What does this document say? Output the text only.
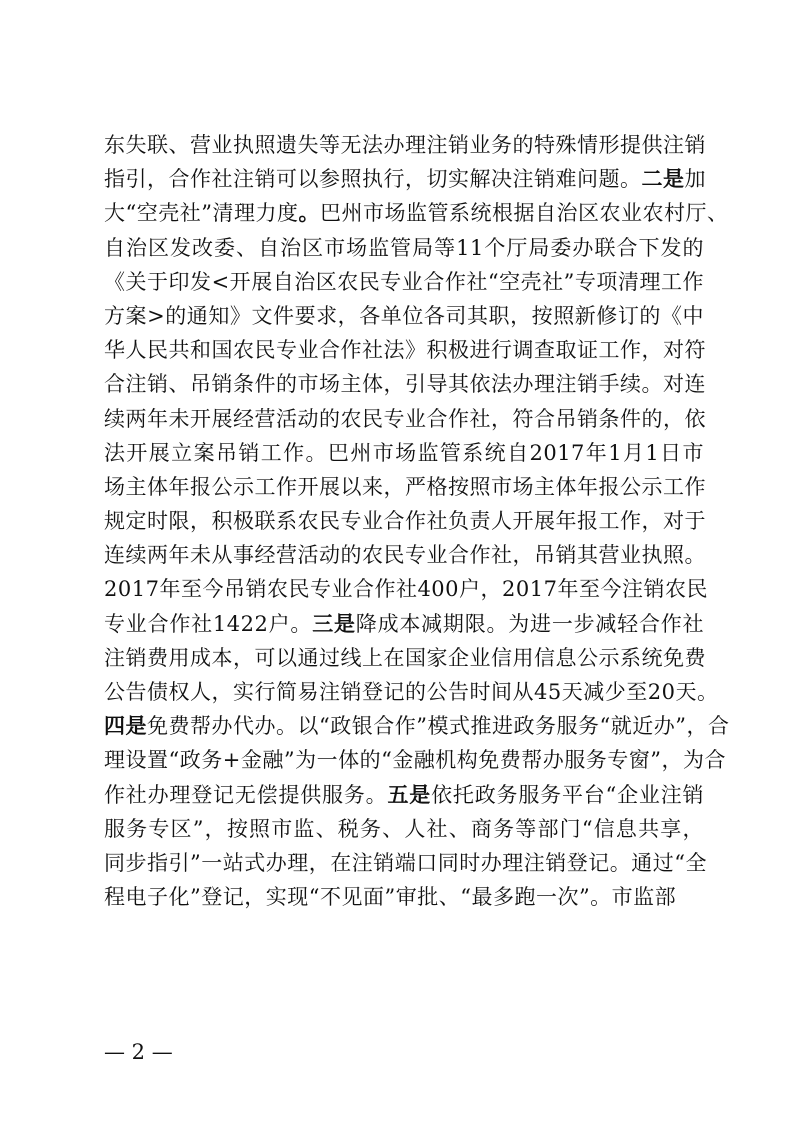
东失联、营业执照遗失等无法办理注销业务的特殊情形提供注销
指引，合作社注销可以参照执行，切实解决注销难问题。二是加
大“空壳社”清理力度。巴州市场监管系统根据自治区农业农村厅、
自治区发改委、自治区市场监管局等11个厅局委办联合下发的
《关于印发<开展自治区农民专业合作社“空壳社”专项清理工作
方案>的通知》文件要求，各单位各司其职，按照新修订的《中
华人民共和国农民专业合作社法》积极进行调查取证工作，对符
合注销、吊销条件的市场主体，引导其依法办理注销手续。对连
续两年未开展经营活动的农民专业合作社，符合吊销条件的，依
法开展立案吊销工作。巴州市场监管系统自2017年1月1日市
场主体年报公示工作开展以来，严格按照市场主体年报公示工作
规定时限，积极联系农民专业合作社负责人开展年报工作，对于
连续两年未从事经营活动的农民专业合作社，吊销其营业执照。
2017年至今吊销农民专业合作社400户，2017年至今注销农民
专业合作社1422户。三是降成本减期限。为进一步减轻合作社
注销费用成本，可以通过线上在国家企业信用信息公示系统免费
公告债权人，实行简易注销登记的公告时间从45天减少至20天。
四是免费帮办代办。以“政银合作”模式推进政务服务“就近办”，合
理设置“政务+金融”为一体的“金融机构免费帮办服务专窗”，为合
作社办理登记无偿提供服务。五是依托政务服务平台“企业注销
服务专区”，按照市监、税务、人社、商务等部门“信息共享，
同步指引”一站式办理，在注销端口同时办理注销登记。通过“全
程电子化”登记，实现“不见面”审批、“最多跑一次”。市监部
— 2 —
